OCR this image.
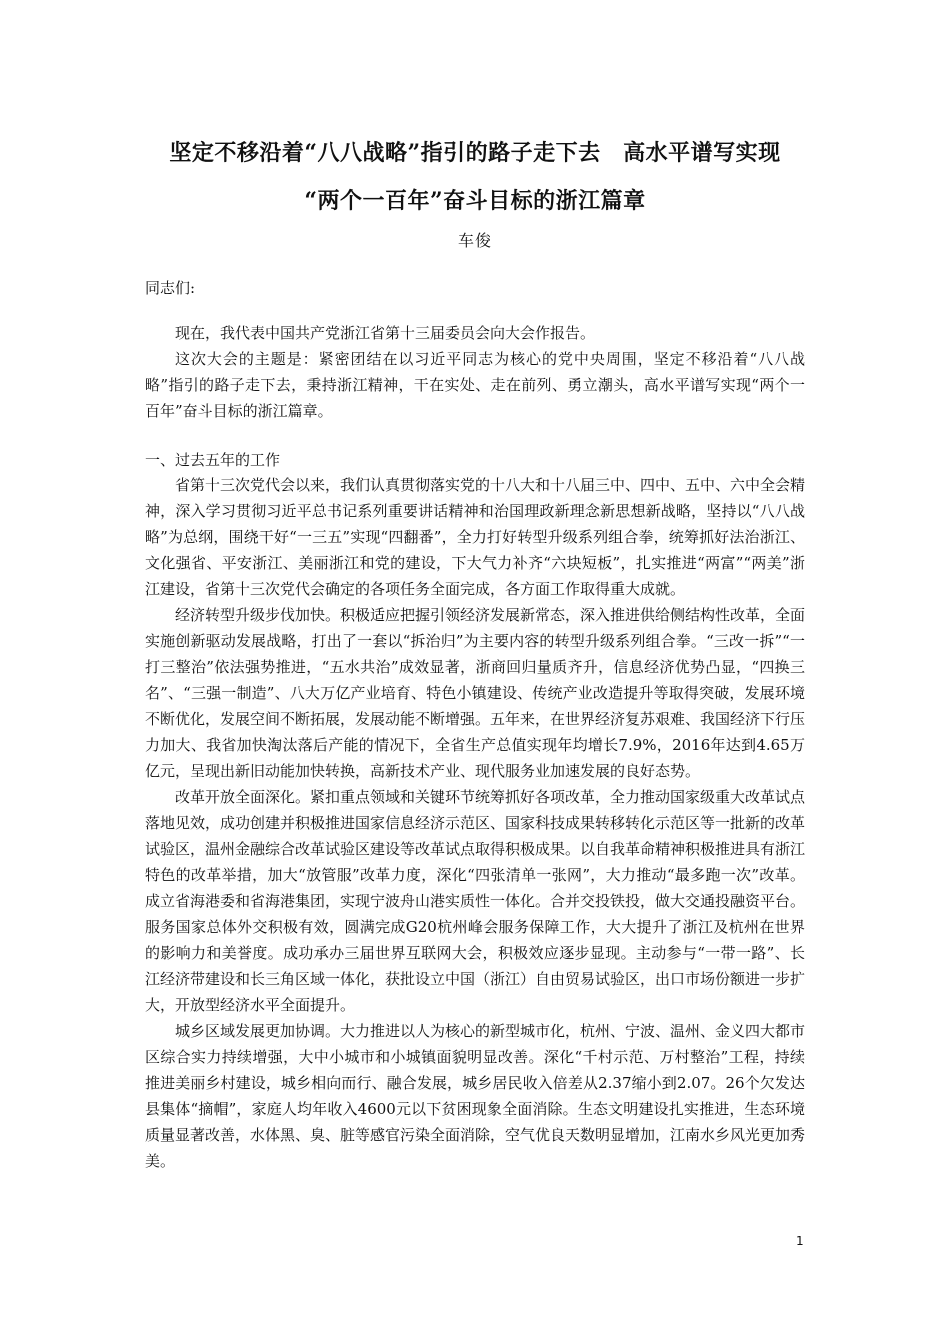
坚定不移沿着“八八战略”指引的路子走下去　高水平谱写实现
“两个一百年”奋斗目标的浙江篇章
车俊
同志们:

现在，我代表中国共产党浙江省第十三届委员会向大会作报告。

这次大会的主题是：紧密团结在以习近平同志为核心的党中央周围，坚定不移沿着“八八战略”指引的路子走下去，秉持浙江精神，干在实处、走在前列、勇立潮头，高水平谱写实现“两个一百年”奋斗目标的浙江篇章。

一、过去五年的工作

省第十三次党代会以来，我们认真贯彻落实党的十八大和十八届三中、四中、五中、六中全会精神，深入学习贯彻习近平总书记系列重要讲话精神和治国理政新理念新思想新战略，坚持以“八八战略”为总纲，围绕干好“一三五”实现“四翻番”，全力打好转型升级系列组合拳，统筹抓好法治浙江、文化强省、平安浙江、美丽浙江和党的建设，下大气力补齐“六块短板”，扎实推进“两富”“两美”浙江建设，省第十三次党代会确定的各项任务全面完成，各方面工作取得重大成就。

经济转型升级步伐加快。积极适应把握引领经济发展新常态，深入推进供给侧结构性改革，全面实施创新驱动发展战略，打出了一套以“拆治归”为主要内容的转型升级系列组合拳。“三改一拆”“一打三整治”依法强势推进，“五水共治”成效显著，浙商回归量质齐升，信息经济优势凸显，“四换三名”、“三强一制造”、八大万亿产业培育、特色小镇建设、传统产业改造提升等取得突破，发展环境不断优化，发展空间不断拓展，发展动能不断增强。五年来，在世界经济复苏艰难、我国经济下行压力加大、我省加快淘汰落后产能的情况下，全省生产总值实现年均增长7.9%，2016年达到4.65万亿元，呈现出新旧动能加快转换，高新技术产业、现代服务业加速发展的良好态势。

改革开放全面深化。紧扣重点领域和关键环节统筹抓好各项改革，全力推动国家级重大改革试点落地见效，成功创建并积极推进国家信息经济示范区、国家科技成果转移转化示范区等一批新的改革试验区，温州金融综合改革试验区建设等改革试点取得积极成果。以自我革命精神积极推进具有浙江特色的改革举措，加大“放管服”改革力度，深化“四张清单一张网”，大力推动“最多跑一次”改革。成立省海港委和省海港集团，实现宁波舟山港实质性一体化。合并交投铁投，做大交通投融资平台。服务国家总体外交积极有效，圆满完成G20杭州峰会服务保障工作，大大提升了浙江及杭州在世界的影响力和美誉度。成功承办三届世界互联网大会，积极效应逐步显现。主动参与“一带一路”、长江经济带建设和长三角区域一体化，获批设立中国（浙江）自由贸易试验区，出口市场份额进一步扩大，开放型经济水平全面提升。

城乡区域发展更加协调。大力推进以人为核心的新型城市化，杭州、宁波、温州、金义四大都市区综合实力持续增强，大中小城市和小城镇面貌明显改善。深化“千村示范、万村整治”工程，持续推进美丽乡村建设，城乡相向而行、融合发展，城乡居民收入倍差从2.37缩小到2.07。26个欠发达县集体“摘帽”，家庭人均年收入4600元以下贫困现象全面消除。生态文明建设扎实推进，生态环境质量显著改善，水体黑、臭、脏等感官污染全面消除，空气优良天数明显增加，江南水乡风光更加秀美。

1
